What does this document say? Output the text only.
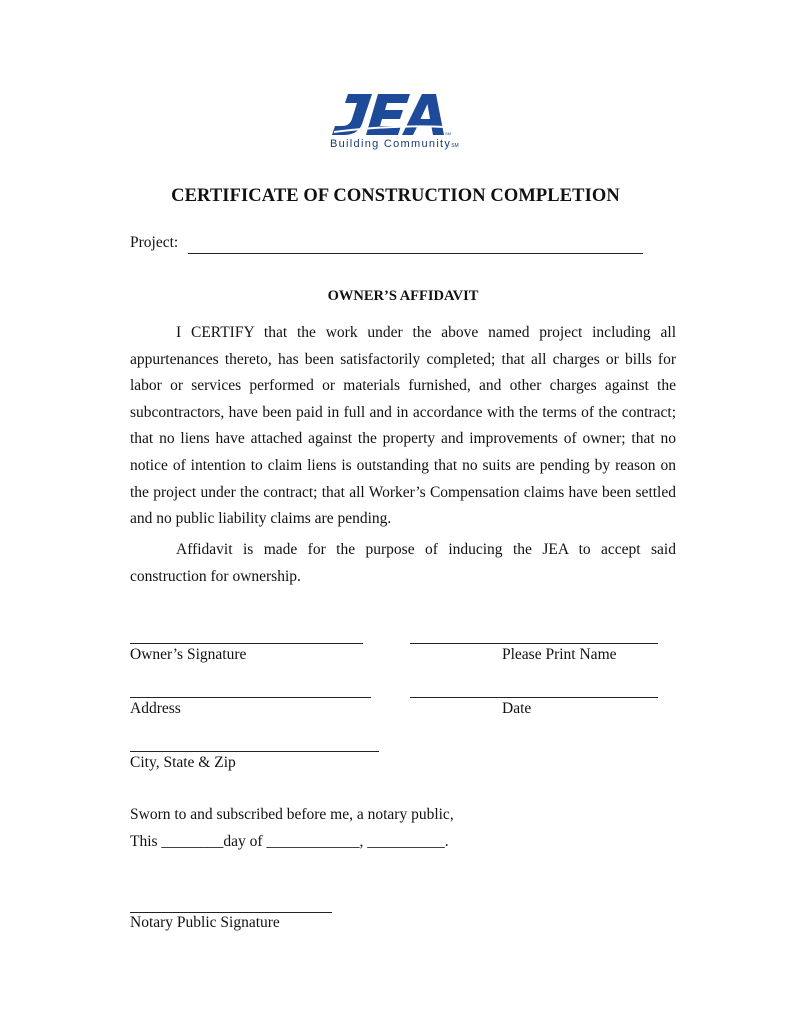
SM
Building CommunitySM
CERTIFICATE OF CONSTRUCTION COMPLETION
Project:
OWNER’S AFFIDAVIT
I CERTIFY that the work under the above named project including all appurtenances thereto, has been satisfactorily completed; that all charges or bills for labor or services performed or materials furnished, and other charges against the subcontractors, have been paid in full and in accordance with the terms of the contract; that no liens have attached against the property and improvements of owner; that no notice of intention to claim liens is outstanding that no suits are pending by reason on the project under the contract; that all Worker’s Compensation claims have been settled and no public liability claims are pending.
Affidavit is made for the purpose of inducing the JEA to accept said construction for ownership.
Owner’s Signature	Please Print Name
Address	Date
City, State & Zip
Sworn to and subscribed before me, a notary public,
This ________day of ____________, __________.
Notary Public Signature
